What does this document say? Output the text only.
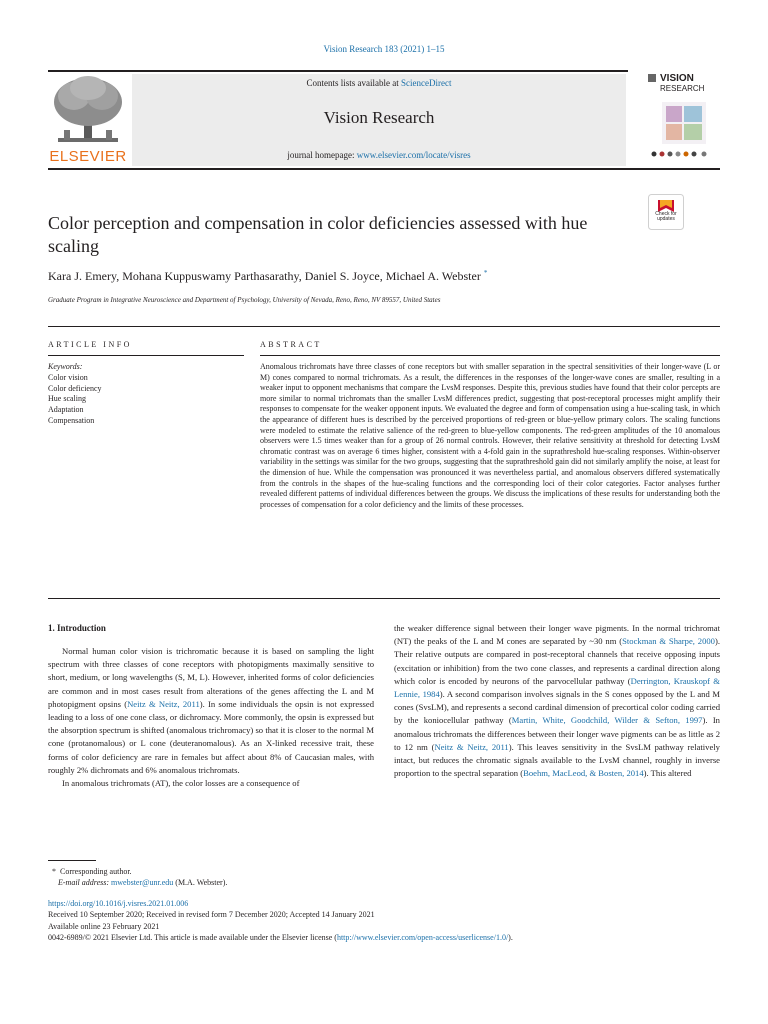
Vision Research 183 (2021) 1–15
ELSEVIER
Contents lists available at ScienceDirect
Vision Research
journal homepage: www.elsevier.com/locate/visres
VISION
RESEARCH
Check for
updates
Color perception and compensation in color deficiencies assessed with hue scaling
Kara J. Emery, Mohana Kuppuswamy Parthasarathy, Daniel S. Joyce, Michael A. Webster *
Graduate Program in Integrative Neuroscience and Department of Psychology, University of Nevada, Reno, Reno, NV 89557, United States
ARTICLE INFO
Keywords:
Color vision
Color deficiency
Hue scaling
Adaptation
Compensation
ABSTRACT
Anomalous trichromats have three classes of cone receptors but with smaller separation in the spectral sensitivities of their longer-wave (L or M) cones compared to normal trichromats. As a result, the differences in the responses of the longer-wave cones are smaller, resulting in a weaker input to opponent mechanisms that compare the LvsM responses. Despite this, previous studies have found that their color percepts are more similar to normal trichromats than the smaller LvsM differences predict, suggesting that post-receptoral processes might amplify their responses to compensate for the weaker opponent inputs. We evaluated the degree and form of compensation using a hue-scaling task, in which the appearance of different hues is described by the perceived proportions of red-green or blue-yellow primary colors. The scaling functions were modeled to estimate the relative salience of the red-green to blue-yellow components. The red-green amplitudes of the 10 anomalous observers were 1.5 times weaker than for a group of 26 normal controls. However, their relative sensitivity at threshold for detecting LvsM chromatic contrast was on average 6 times higher, consistent with a 4-fold gain in the suprathreshold hue-scaling responses. Within-observer variability in the settings was similar for the two groups, suggesting that the suprathreshold gain did not similarly amplify the noise, at least for the dimension of hue. While the compensation was pronounced it was nevertheless partial, and anomalous observers differed systematically from the controls in the shapes of the hue-scaling functions and the corresponding loci of their color categories. Factor analyses further revealed different patterns of individual differences between the groups. We discuss the implications of these results for understanding both the processes of compensation for a color deficiency and the limits of these processes.
1. Introduction

Normal human color vision is trichromatic because it is based on sampling the light spectrum with three classes of cone receptors with photopigments maximally sensitive to short, medium, or long wavelengths (S, M, L). However, inherited forms of color deficiencies are common and in most cases result from alterations of the genes affecting the L and M photopigment opsins (Neitz & Neitz, 2011). In some individuals the opsin is not expressed leading to a loss of one cone class, or dichromacy. More commonly, the opsin is expressed but the absorption spectrum is shifted (anomalous trichromacy) so that it is closer to the normal M cone (protanomalous) or L cone (deuteranomalous). As an X-linked recessive trait, these forms of color deficiency are rare in females but affect about 8% of Caucasian males, with roughly 2% dichromats and 6% anomalous trichromats.

In anomalous trichromats (AT), the color losses are a consequence of

the weaker difference signal between their longer wave pigments. In the normal trichromat (NT) the peaks of the L and M cones are separated by ~30 nm (Stockman & Sharpe, 2000). Their relative outputs are compared in post-receptoral channels that receive opposing inputs (excitation or inhibition) from the two cone classes, and represents a cardinal direction along which color is encoded by neurons of the parvocellular pathway (Derrington, Krauskopf & Lennie, 1984). A second comparison involves signals in the S cones opposed by the L and M cones (SvsLM), and represents a second cardinal dimension of precortical color coding carried by the koniocellular pathway (Martin, White, Goodchild, Wilder & Sefton, 1997). In anomalous trichromats the differences between their longer wave pigments can be as little as 2 to 12 nm (Neitz & Neitz, 2011). This leaves sensitivity in the SvsLM pathway relatively intact, but reduces the chromatic signals available to the LvsM channel, roughly in inverse proportion to the spectral separation (Boehm, MacLeod, & Bosten, 2014). This altered

* Corresponding author.
E-mail address: mwebster@unr.edu (M.A. Webster).
https://doi.org/10.1016/j.visres.2021.01.006
Received 10 September 2020; Received in revised form 7 December 2020; Accepted 14 January 2021
Available online 23 February 2021
0042-6989/© 2021 Elsevier Ltd. This article is made available under the Elsevier license (http://www.elsevier.com/open-access/userlicense/1.0/).
